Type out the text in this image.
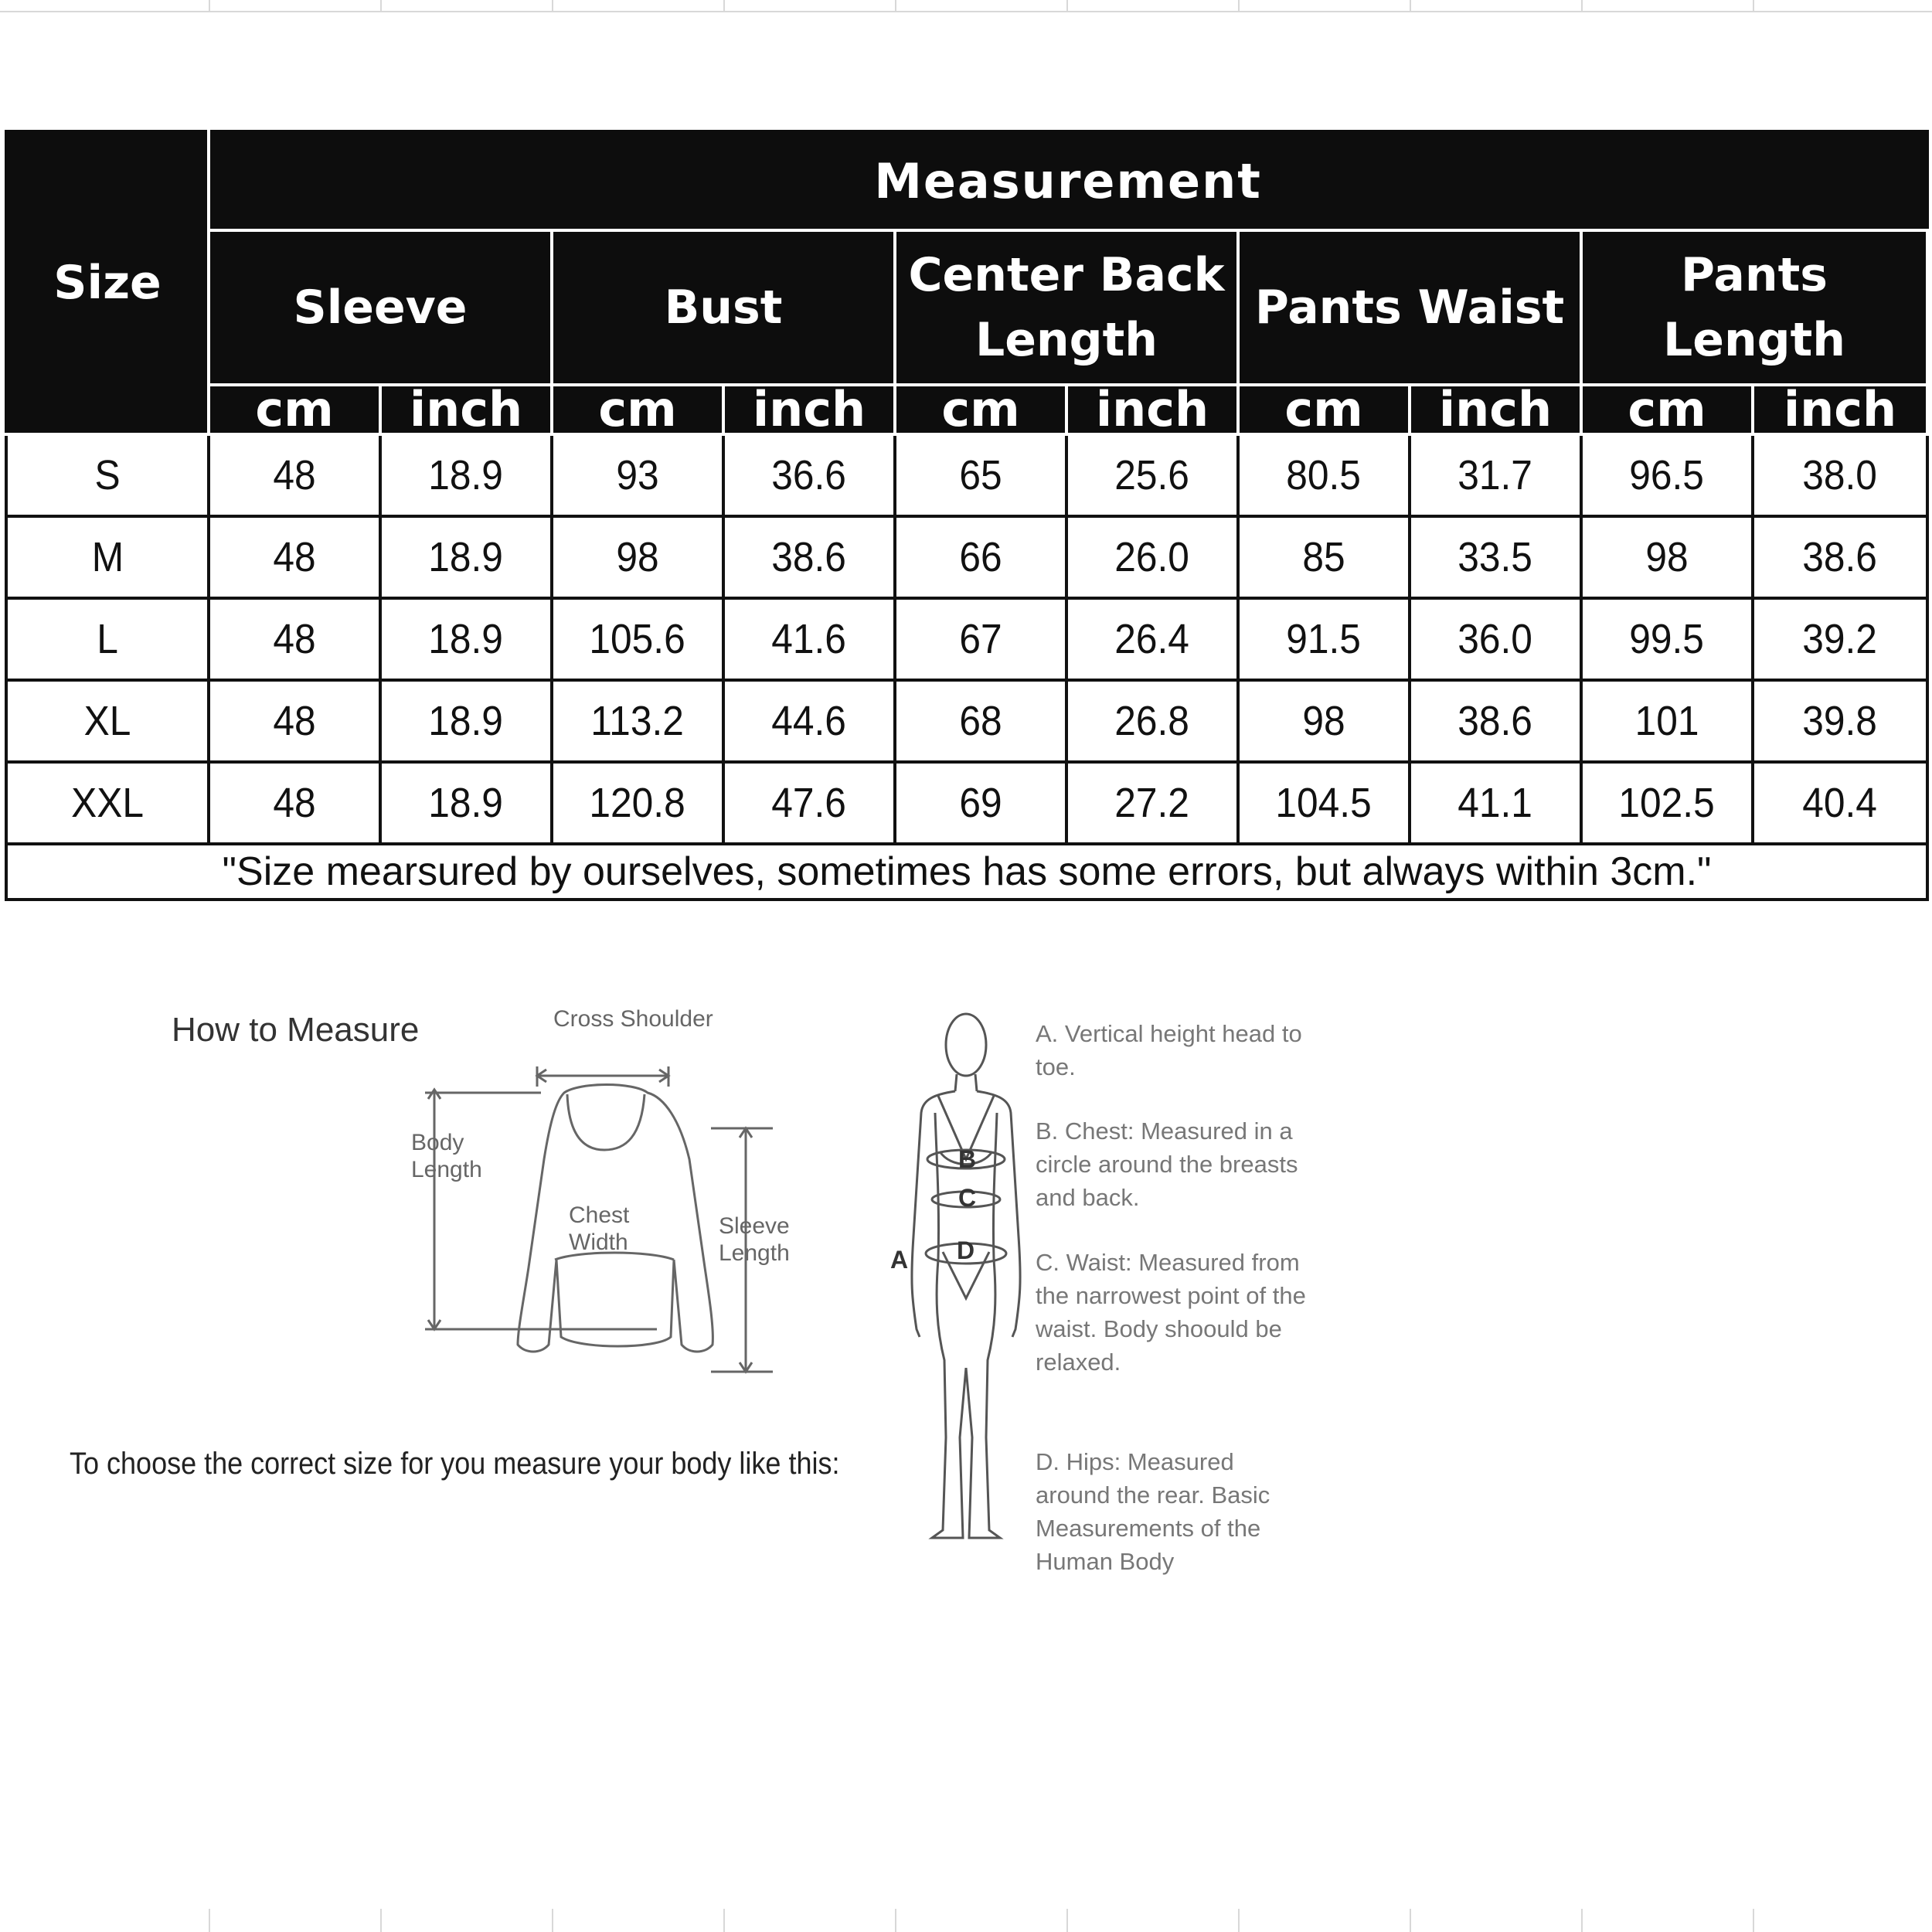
Size	Measurement									
	Sleeve		Bust		Center Back Length		Pants Waist		Pants Length	
	cm	inch	cm	inch	cm	inch	cm	inch	cm	inch
S	48	18.9	93	36.6	65	25.6	80.5	31.7	96.5	38.0
M	48	18.9	98	38.6	66	26.0	85	33.5	98	38.6
L	48	18.9	105.6	41.6	67	26.4	91.5	36.0	99.5	39.2
XL	48	18.9	113.2	44.6	68	26.8	98	38.6	101	39.8
XXL	48	18.9	120.8	47.6	69	27.2	104.5	41.1	102.5	40.4
"Size mearsured by ourselves, sometimes has some errors, but always within 3cm."										
How to Measure	Cross Shoulder
Body Length
Chest Width
Sleeve Length
To choose the correct size for you measure your body like this:
B
C
D
A
A. Vertical height head to toe.
B. Chest: Measured in a circle around the breasts and back.
C. Waist: Measured from the narrowest point of the waist. Body shoould be relaxed.
D. Hips: Measured around the rear. Basic Measurements of the Human Body
